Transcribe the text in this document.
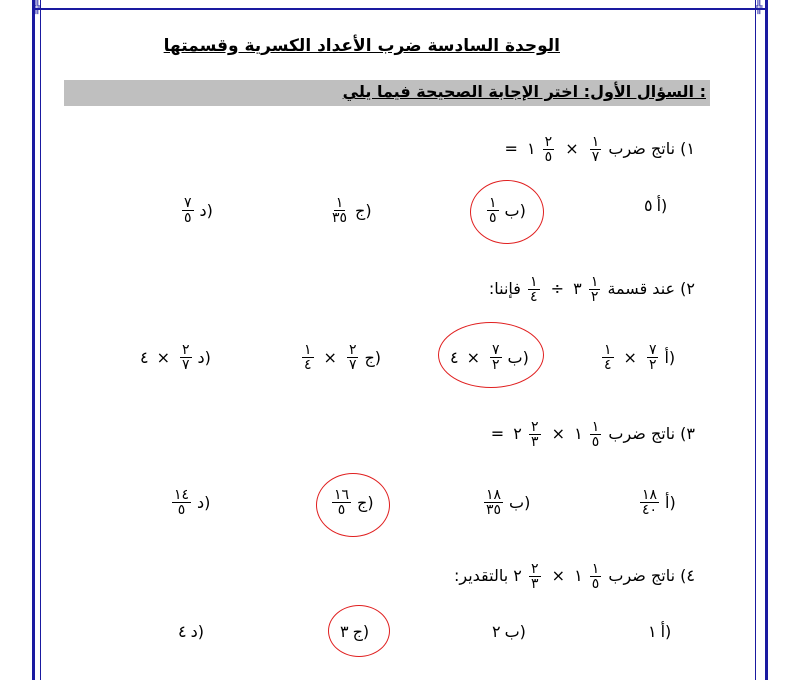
╬	╬
الوحدة السادسة ضرب الأعداد الكسرية وقسمتها
السؤال الأول: اختر الإجابة الصحيحة فيما يلي :
١) ناتج ضرب
$\frac{١}{٧}$
×
$\frac{٢}{٥}$
١ =
٥ أ)
$\frac{١}{٥}$ ب)
$\frac{١}{٣٥}$ ج)
$\frac{٧}{٥}$ د)
٢) عند قسمة
$\frac{١}{٢}$
٣ ÷
$\frac{١}{٤}$
فإننا:
$\frac{١}{٤} \times \frac{٧}{٢}$ أ)
٤ × $\frac{٧}{٢}$ ب)
$\frac{١}{٤} \times \frac{٢}{٧}$ ج)
٤ × $\frac{٢}{٧}$ د)
٣) ناتج ضرب
$\frac{١}{٥}$
١ ×
$\frac{٢}{٣}$
٢ =
$\frac{١٨}{٤٠}$ أ)
$\frac{١٨}{٣٥}$ ب)
$\frac{١٦}{٥}$ ج)
$\frac{١٤}{٥}$ د)
٤) ناتج ضرب
$\frac{١}{٥}$
١ ×
$\frac{٢}{٣}$
٢ بالتقدير:
١ أ)
٢ ب)
٣ ج)
٤ د)
